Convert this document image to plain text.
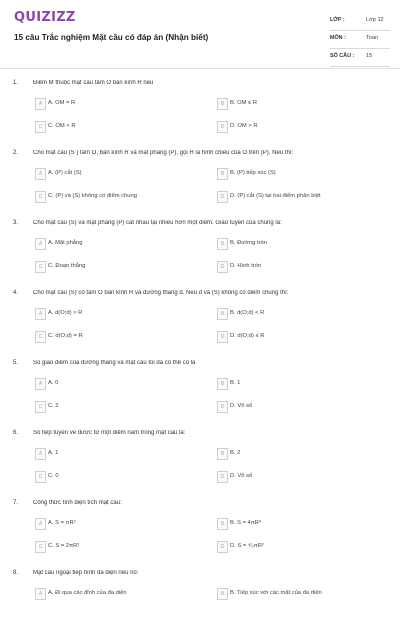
QUIZIZZ
15 câu Trắc nghiệm Mặt cầu có đáp án (Nhận biết)
LỚP :	Lớp 12
MÔN :	Toán
SỐ CÂU : 15
1. Điểm M thuộc mặt cầu tâm O bán kính R nếu
A	A. OM = R	B	B. OM ≤ R
C C. OM < R	D D. OM > R
2. Cho mặt cầu (S ) tâm O, bán kính R và mặt phẳng (P), gọi H là hình chiếu của O trên (P). Nếu thì:
A	A. (P) cắt (S)	B	B. (P) tiếp xúc (S)
C C. (P) và (S) không có điểm chung	D D. (P) cắt (S) tại hai điểm phân biệt
3. Cho mặt cầu (S) và mặt phẳng (P) cắt nhau tại nhiều hơn một điểm. Giao tuyến của chúng là:
A	A. Mặt phẳng	B	B. Đường tròn
C C. Đoạn thẳng	D D. Hình tròn
4. Cho mặt cầu (S) có tâm O bán kính R và đường thẳng d. Nếu d và (S) không có điểm chung thì:
A	A. d(O;d) > R	B	B. d(O;d) < R
C C. d(O;d) = R	D D. d(O;d) ≤ R
5. Số giao điểm của đường thẳng và mặt cầu tối đa có thể có là
A	A. 0	B	B. 1
C C. 2	D D. Vô số
6. Số tiếp tuyến vẽ được từ một điểm nằm trong mặt cầu là:
A	A. 1	B	B. 2
C C. 0	D D. Vô số
7. Công thức tính diện tích mặt cầu:
A	A. S = πR²	B	B. S = 4πR³
C C. S = 2πR²	D D. S = ⁴⁄₃πR²
8. Mặt cầu ngoại tiếp hình đa diện nếu nó:
A	A. Đi qua các đỉnh của đa diện	B	B. Tiếp xúc với các mặt của đa diện
